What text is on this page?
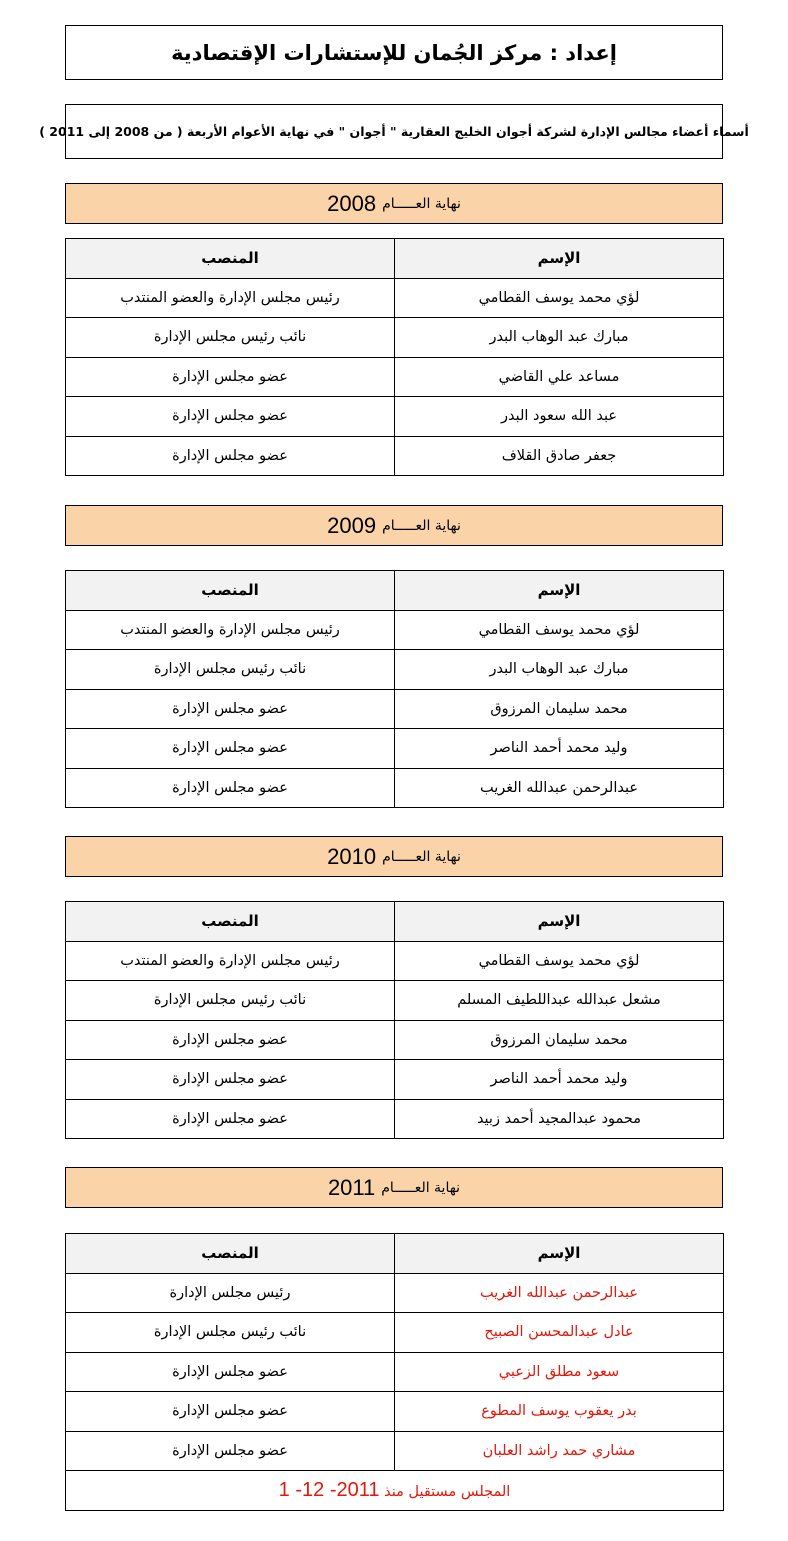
إعداد : مركز الجُمان للإستشارات الإقتصادية
أسماء أعضاء مجالس الإدارة لشركة أجوان الخليج العقارية " أجوان " في نهاية الأعوام الأربعة ( من 2008 إلى 2011 )
نهاية العـــــام
2008
الإسم	المنصب
لؤي محمد يوسف القطامي	رئيس مجلس الإدارة والعضو المنتدب
مبارك عبد الوهاب البدر	نائب رئيس مجلس الإدارة
مساعد علي القاضي	عضو مجلس الإدارة
عبد الله سعود البدر	عضو مجلس الإدارة
جعفر صادق القلاف	عضو مجلس الإدارة
نهاية العـــــام
2009
الإسم	المنصب
لؤي محمد يوسف القطامي	رئيس مجلس الإدارة والعضو المنتدب
مبارك عبد الوهاب البدر	نائب رئيس مجلس الإدارة
محمد سليمان المرزوق	عضو مجلس الإدارة
وليد محمد أحمد الناصر	عضو مجلس الإدارة
عبدالرحمن عبدالله الغريب	عضو مجلس الإدارة
نهاية العـــــام
2010
الإسم	المنصب
لؤي محمد يوسف القطامي	رئيس مجلس الإدارة والعضو المنتدب
مشعل عبدالله عبداللطيف المسلم	نائب رئيس مجلس الإدارة
محمد سليمان المرزوق	عضو مجلس الإدارة
وليد محمد أحمد الناصر	عضو مجلس الإدارة
محمود عبدالمجيد أحمد زبيد	عضو مجلس الإدارة
نهاية العـــــام
2011
الإسم	المنصب
عبدالرحمن عبدالله الغريب	رئيس مجلس الإدارة
عادل عبدالمحسن الصبيح	نائب رئيس مجلس الإدارة
سعود مطلق الزعبي	عضو مجلس الإدارة
بدر يعقوب يوسف المطوع	عضو مجلس الإدارة
مشاري حمد راشد العلبان	عضو مجلس الإدارة
المجلس مستقيل منذ 1 -12 -2011	
